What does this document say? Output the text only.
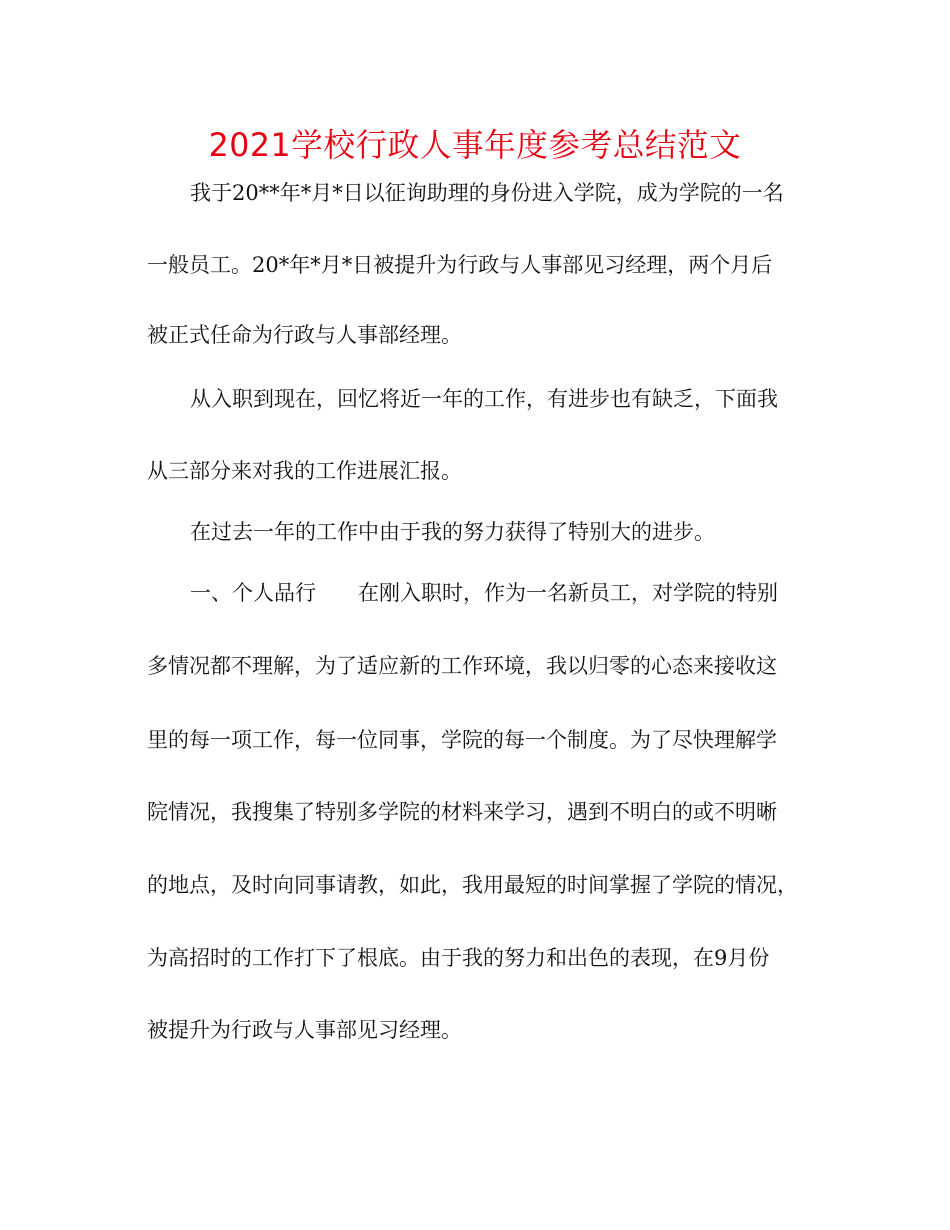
2021学校行政人事年度参考总结范文
我于20**年*月*日以征询助理的身份进入学院，成为学院的一名
一般员工。20*年*月*日被提升为行政与人事部见习经理，两个月后
被正式任命为行政与人事部经理。
从入职到现在，回忆将近一年的工作，有进步也有缺乏，下面我
从三部分来对我的工作进展汇报。
在过去一年的工作中由于我的努力获得了特别大的进步。
一、个人品行　　在刚入职时，作为一名新员工，对学院的特别
多情况都不理解，为了适应新的工作环境，我以归零的心态来接收这
里的每一项工作，每一位同事，学院的每一个制度。为了尽快理解学
院情况，我搜集了特别多学院的材料来学习，遇到不明白的或不明晰
的地点，及时向同事请教，如此，我用最短的时间掌握了学院的情况，
为高招时的工作打下了根底。由于我的努力和出色的表现，在9月份
被提升为行政与人事部见习经理。
